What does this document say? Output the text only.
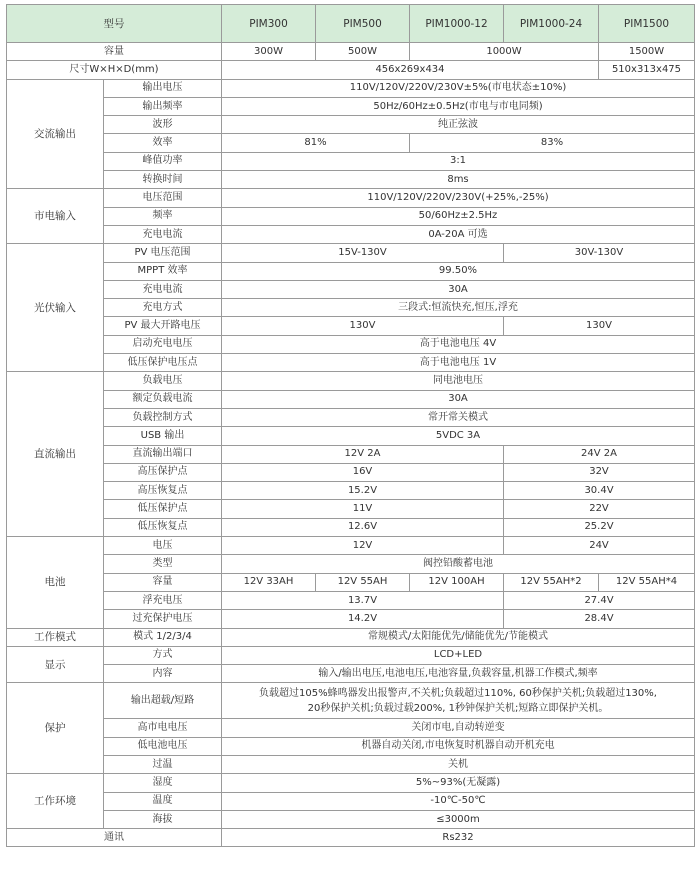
型号		PIM300	PIM500	PIM1000-12	PIM1000-24	PIM1500
容量		300W	500W	1000W		1500W
尺寸W×H×D(mm)		456x269x434				510x313x475
交流输出	输出电压	110V/120V/220V/230V±5%(市电状态±10%)				
	输出频率	50Hz/60Hz±0.5Hz(市电与市电同频)				
	波形	纯正弦波				
	效率	81%		83%		
	峰值功率	3:1				
	转换时间	8ms				
市电输入	电压范围	110V/120V/220V/230V(+25%,-25%)				
	频率	50/60Hz±2.5Hz				
	充电电流	0A-20A 可选				
光伏输入	PV 电压范围	15V-130V			30V-130V	
	MPPT 效率	99.50%				
	充电电流	30A				
	充电方式	三段式:恒流快充,恒压,浮充				
	PV 最大开路电压	130V			130V	
	启动充电电压	高于电池电压 4V				
	低压保护电压点	高于电池电压 1V				
直流输出	负载电压	同电池电压				
	额定负载电流	30A				
	负载控制方式	常开常关模式				
	USB 输出	5VDC 3A				
	直流输出端口	12V 2A			24V 2A	
	高压保护点	16V			32V	
	高压恢复点	15.2V			30.4V	
	低压保护点	11V			22V	
	低压恢复点	12.6V			25.2V	
电池	电压	12V			24V	
	类型	阀控铅酸蓄电池				
	容量	12V 33AH	12V 55AH	12V 100AH	12V 55AH*2	12V 55AH*4
	浮充电压	13.7V			27.4V	
	过充保护电压	14.2V			28.4V	
工作模式	模式 1/2/3/4	常规模式/太阳能优先/储能优先/节能模式				
显示	方式	LCD+LED				
	内容	输入/输出电压,电池电压,电池容量,负载容量,机器工作模式,频率				
保护	输出超载/短路	负载超过105%蜂鸣器发出报警声,不关机;负载超过110%, 60秒保护关机;负载超过130%,
20秒保护关机;负载过载200%, 1秒钟保护关机;短路立即保护关机。				

	高市电电压	关闭市电,自动转逆变				
	低电池电压	机器自动关闭,市电恢复时机器自动开机充电				
	过温	关机				
工作环境	湿度	5%~93%(无凝露)				
	温度	-10℃-50℃				
	海拔	≤3000m				
通讯		Rs232				
